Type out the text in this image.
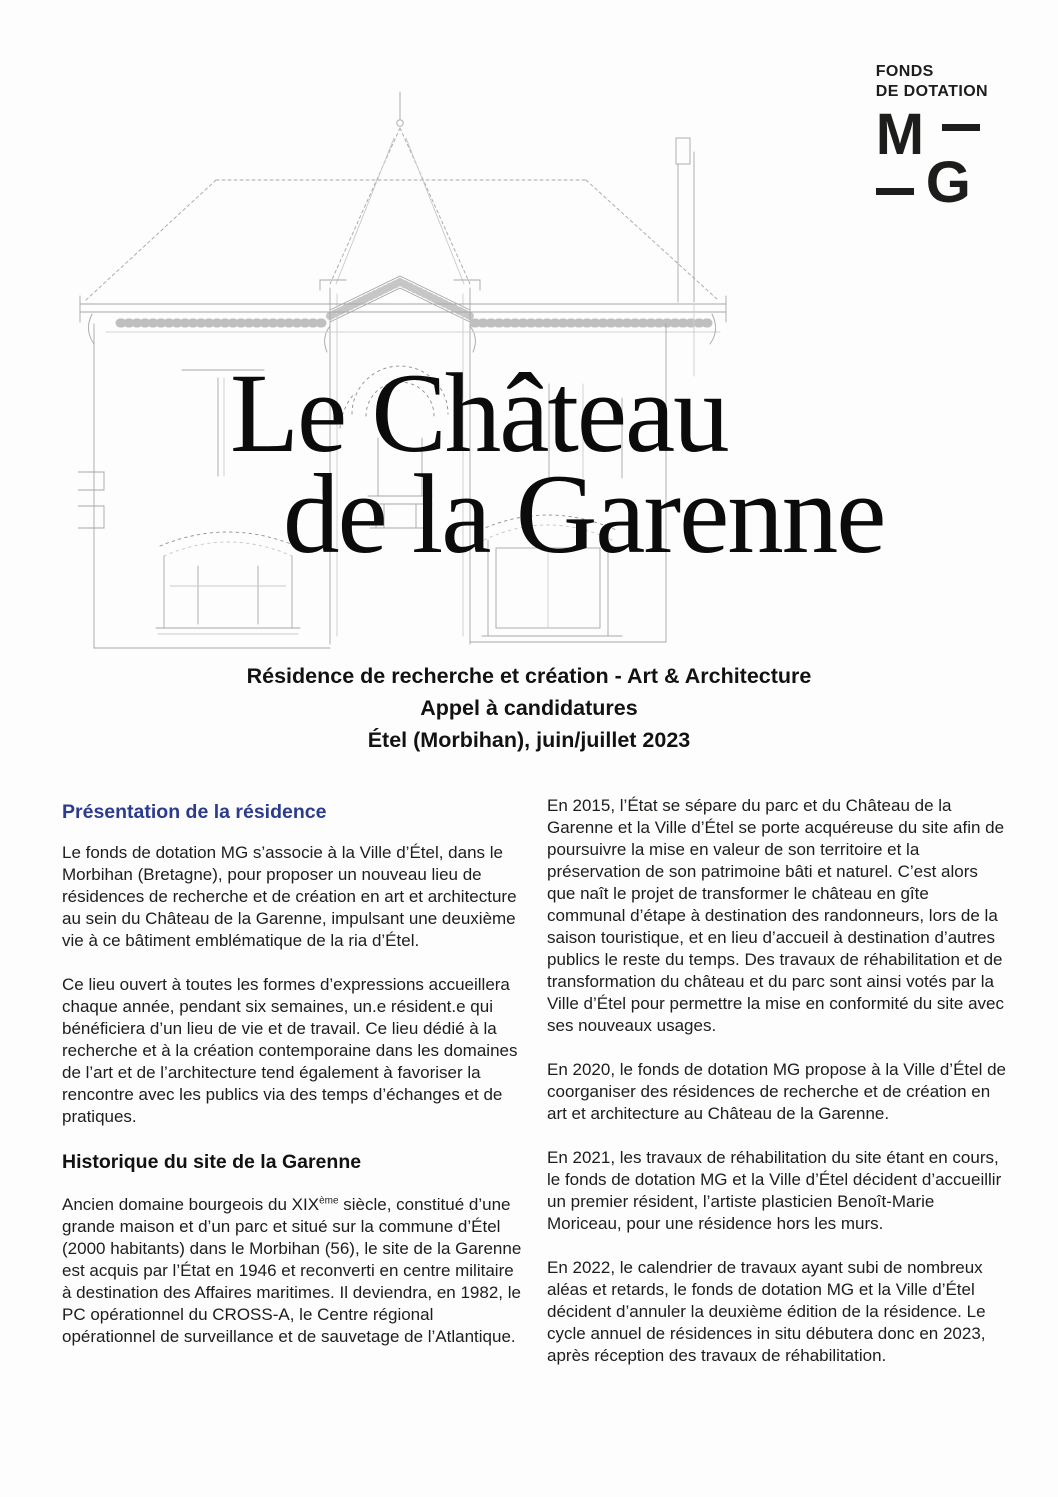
FONDS
DE DOTATION
M
G
Le Château
de la Garenne
Résidence de recherche et création - Art & Architecture
Appel à candidatures
Étel (Morbihan), juin/juillet 2023
Présentation de la résidence

Le fonds de dotation MG s’associe à la Ville d’Étel, dans le Morbihan (Bretagne), pour proposer un nouveau lieu de résidences de recherche et de création en art et architecture au sein du Château de la Garenne, impulsant une deuxième vie à ce bâtiment emblématique de la ria d’Étel.

Ce lieu ouvert à toutes les formes d’expressions accueillera chaque année, pendant six semaines, un.e résident.e qui bénéficiera d’un lieu de vie et de travail. Ce lieu dédié à la recherche et à la création contemporaine dans les domaines de l’art et de l’architecture tend également à favoriser la rencontre avec les publics via des temps d’échanges et de pratiques.

Historique du site de la Garenne

Ancien domaine bourgeois du XIXème siècle, constitué d’une grande maison et d’un parc et situé sur la commune d’Étel (2000 habitants) dans le Morbihan (56), le site de la Garenne est acquis par l’État en 1946 et reconverti en centre militaire à destination des Affaires maritimes. Il deviendra, en 1982, le PC opérationnel du CROSS-A, le Centre régional opérationnel de surveillance et de sauvetage de l’Atlantique.

En 2015, l’État se sépare du parc et du Château de la Garenne et la Ville d’Étel se porte acquéreuse du site afin de poursuivre la mise en valeur de son territoire et la préservation de son patrimoine bâti et naturel. C’est alors que naît le projet de transformer le château en gîte communal d’étape à destination des randonneurs, lors de la saison touristique, et en lieu d’accueil à destination d’autres publics le reste du temps. Des travaux de réhabilitation et de transformation du château et du parc sont ainsi votés par la Ville d’Étel pour permettre la mise en conformité du site avec ses nouveaux usages.

En 2020, le fonds de dotation MG propose à la Ville d’Étel de coorganiser des résidences de recherche et de création en art et architecture au Château de la Garenne.

En 2021, les travaux de réhabilitation du site étant en cours, le fonds de dotation MG et la Ville d’Étel décident d’accueillir un premier résident, l’artiste plasticien Benoît-Marie Moriceau, pour une résidence hors les murs.

En 2022, le calendrier de travaux ayant subi de nombreux aléas et retards, le fonds de dotation MG et la Ville d’Étel décident d’annuler la deuxième édition de la résidence. Le cycle annuel de résidences in situ débutera donc en 2023, après réception des travaux de réhabilitation.
